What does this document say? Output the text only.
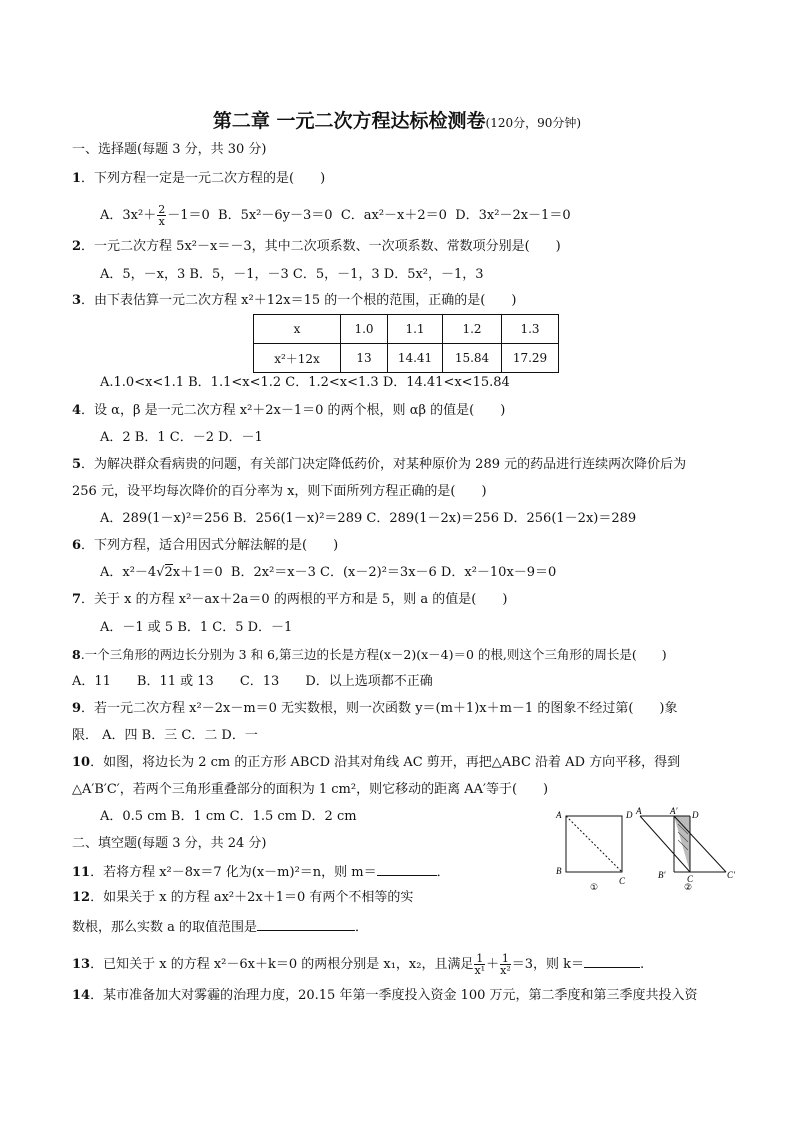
第二章 一元二次方程达标检测卷(120分，90分钟)
一、选择题(每题 3 分，共 30 分)
1．下列方程一定是一元二次方程的是(　　)
A．$3x^2+ \frac{2}{x} -1=0$ B．5x²－6y－3＝0 C．ax²－x＋2＝0 D．3x²－2x－1＝0
2．一元二次方程 5x²－x＝－3，其中二次项系数、一次项系数、常数项分别是(　　)
A．5，－x，3 B．5，－1，－3 C．5，－1，3 D．5x²，－1，3
3．由下表估算一元二次方程 x²＋12x＝15 的一个根的范围，正确的是(　　)
x	1.0	1.1	1.2	1.3
x²＋12x	13	14.41	15.84	17.29
A.1.0<x<1.1 B．1.1<x<1.2 C．1.2<x<1.3 D．14.41<x<15.84
4．设 α，β 是一元二次方程 x²＋2x－1＝0 的两个根，则 αβ 的值是(　　)
A．2 B．1 C．－2 D．－1
5．为解决群众看病贵的问题，有关部门决定降低药价，对某种原价为 289 元的药品进行连续两次降价后为
256 元，设平均每次降价的百分率为 x，则下面所列方程正确的是(　　)
A．289(1－x)²＝256 B．256(1－x)²＝289 C．289(1－2x)＝256 D．256(1－2x)＝289
6．下列方程，适合用因式分解法解的是(　　)
A．x²－4√2x＋1＝0 B．2x²＝x－3 C．(x－2)²＝3x－6 D．x²－10x－9＝0
7．关于 x 的方程 x²－ax＋2a＝0 的两根的平方和是 5，则 a 的值是(　　)
A．－1 或 5 B．1 C．5 D．－1
8.一个三角形的两边长分别为 3 和 6,第三边的长是方程(x－2)(x－4)＝0 的根,则这个三角形的周长是(　　)
A．11　　B．11 或 13　　C．13　　D．以上选项都不正确
9．若一元二次方程 x²－2x－m＝0 无实数根，则一次函数 y＝(m＋1)x＋m－1 的图象不经过第(　　)象
限． A．四 B．三 C．二 D．一
10．如图，将边长为 2 cm 的正方形 ABCD 沿其对角线 AC 剪开，再把△ABC 沿着 AD 方向平移，得到
△A′B′C′，若两个三角形重叠部分的面积为 1 cm²，则它移动的距离 AA′等于(　　)
A．0.5 cm B．1 cm C．1.5 cm D．2 cm
二、填空题(每题 3 分，共 24 分)
11．若将方程 x²－8x＝7 化为(x－m)²＝n，则 m＝	．
12．如果关于 x 的方程 ax²＋2x＋1＝0 有两个不相等的实
数根，那么实数 a 的取值范围是	．
13．已知关于 x 的方程 x²－6x＋k＝0 的两根分别是 x₁，x₂，且满足 $\frac{1}{\text{x¹}} + \frac{1}{\text{x²}} =3$，则 k＝	.
14．某市准备加大对雾霾的治理力度，20.15 年第一季度投入资金 100 万元，第二季度和第三季度共投入资
A
B
C
D
①
A	A′ D
B′ C	C′
②
